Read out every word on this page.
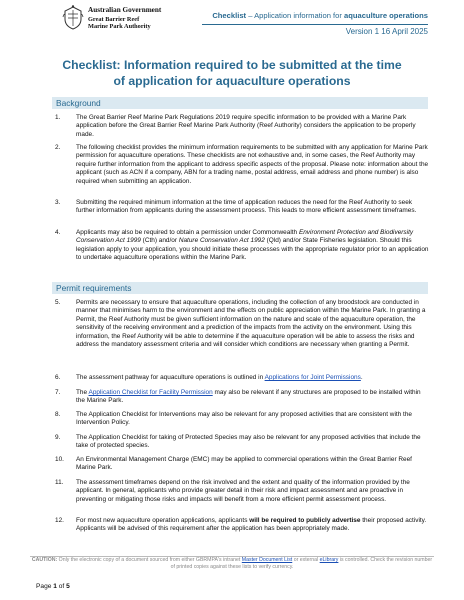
Australian Government
Great Barrier Reef
Marine Park Authority
Checklist – Application information for aquaculture operations
Version 1 16 April 2025
Checklist: Information required to be submitted at the time of application for aquaculture operations
Background
1. The Great Barrier Reef Marine Park Regulations 2019 require specific information to be provided with a Marine Park application before the Great Barrier Reef Marine Park Authority (Reef Authority) considers the application to be properly made.
2. The following checklist provides the minimum information requirements to be submitted with any application for Marine Park permission for aquaculture operations. These checklists are not exhaustive and, in some cases, the Reef Authority may require further information from the applicant to address specific aspects of the proposal. Please note: information about the applicant (such as ACN if a company, ABN for a trading name, postal address, email address and phone number) is also required when submitting an application.
3. Submitting the required minimum information at the time of application reduces the need for the Reef Authority to seek further information from applicants during the assessment process. This leads to more efficient assessment timeframes.
4. Applicants may also be required to obtain a permission under Commonwealth Environment Protection and Biodiversity Conservation Act 1999 (Cth) and/or Nature Conservation Act 1992 (Qld) and/or State Fisheries legislation. Should this legislation apply to your application, you should initiate these processes with the appropriate regulator prior to an application to undertake aquaculture operations within the Marine Park.
Permit requirements
5. Permits are necessary to ensure that aquaculture operations, including the collection of any broodstock are conducted in manner that minimises harm to the environment and the effects on public appreciation within the Marine Park. In granting a Permit, the Reef Authority must be given sufficient information on the nature and scale of the aquaculture operation, the sensitivity of the receiving environment and a prediction of the impacts from the activity on the environment. Using this information, the Reef Authority will be able to determine if the aquaculture operation will be able to assess the risks and address the mandatory assessment criteria and will consider which conditions are necessary when granting a Permit.
6. The assessment pathway for aquaculture operations is outlined in Applications for Joint Permissions.
7. The Application Checklist for Facility Permission may also be relevant if any structures are proposed to be installed within the Marine Park.
8. The Application Checklist for Interventions may also be relevant for any proposed activities that are consistent with the Intervention Policy.
9. The Application Checklist for taking of Protected Species may also be relevant for any proposed activities that include the take of protected species.
10. An Environmental Management Charge (EMC) may be applied to commercial operations within the Great Barrier Reef Marine Park.
11. The assessment timeframes depend on the risk involved and the extent and quality of the information provided by the applicant. In general, applicants who provide greater detail in their risk and impact assessment and are proactive in preventing or mitigating those risks and impacts will benefit from a more efficient permit assessment process.
12. For most new aquaculture operation applications, applicants will be required to publicly advertise their proposed activity. Applicants will be advised of this requirement after the application has been appropriately made.
CAUTION: Only the electronic copy of a document sourced from either GBRMPA's intranet Master Document List or external eLibrary is controlled. Check the revision number of printed copies against these lists to verify currency.
Page 1 of 5
